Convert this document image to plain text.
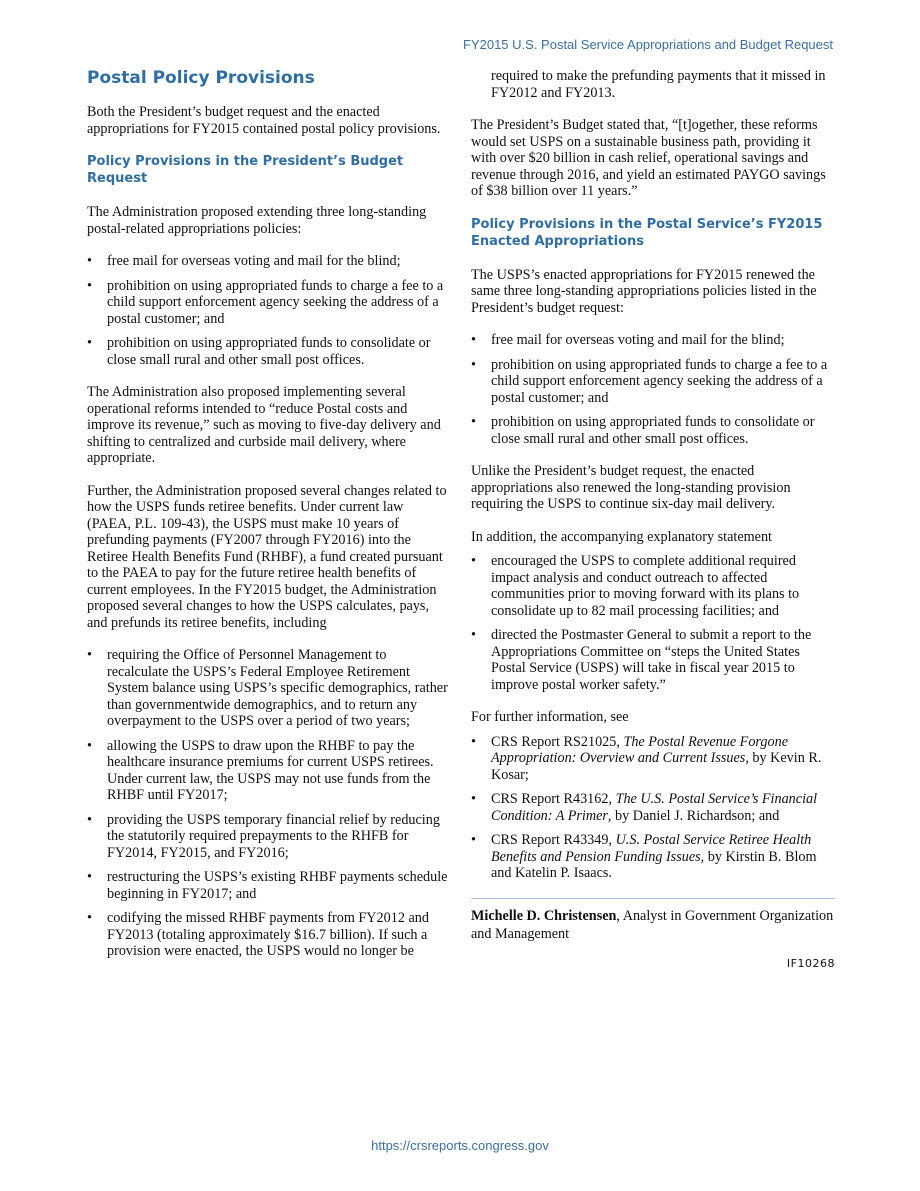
FY2015 U.S. Postal Service Appropriations and Budget Request
Postal Policy Provisions

Both the President’s budget request and the enacted appropriations for FY2015 contained postal policy provisions.

Policy Provisions in the President’s Budget Request

The Administration proposed extending three long-standing postal-related appropriations policies:

• free mail for overseas voting and mail for the blind;
• prohibition on using appropriated funds to charge a fee to a child support enforcement agency seeking the address of a postal customer; and
• prohibition on using appropriated funds to consolidate or close small rural and other small post offices.

The Administration also proposed implementing several operational reforms intended to “reduce Postal costs and improve its revenue,” such as moving to five-day delivery and shifting to centralized and curbside mail delivery, where appropriate.

Further, the Administration proposed several changes related to how the USPS funds retiree benefits. Under current law (PAEA, P.L. 109-43), the USPS must make 10 years of prefunding payments (FY2007 through FY2016) into the Retiree Health Benefits Fund (RHBF), a fund created pursuant to the PAEA to pay for the future retiree health benefits of current employees. In the FY2015 budget, the Administration proposed several changes to how the USPS calculates, pays, and prefunds its retiree benefits, including

• requiring the Office of Personnel Management to recalculate the USPS’s Federal Employee Retirement System balance using USPS’s specific demographics, rather than governmentwide demographics, and to return any overpayment to the USPS over a period of two years;
• allowing the USPS to draw upon the RHBF to pay the healthcare insurance premiums for current USPS retirees. Under current law, the USPS may not use funds from the RHBF until FY2017;
• providing the USPS temporary financial relief by reducing the statutorily required prepayments to the RHFB for FY2014, FY2015, and FY2016;
• restructuring the USPS’s existing RHBF payments schedule beginning in FY2017; and
• codifying the missed RHBF payments from FY2012 and FY2013 (totaling approximately $16.7 billion). If such a provision were enacted, the USPS would no longer be

required to make the prefunding payments that it missed in FY2012 and FY2013.

The President’s Budget stated that, “[t]ogether, these reforms would set USPS on a sustainable business path, providing it with over $20 billion in cash relief, operational savings and revenue through 2016, and yield an estimated PAYGO savings of $38 billion over 11 years.”

Policy Provisions in the Postal Service’s FY2015 Enacted Appropriations

The USPS’s enacted appropriations for FY2015 renewed the same three long-standing appropriations policies listed in the President’s budget request:

• free mail for overseas voting and mail for the blind;
• prohibition on using appropriated funds to charge a fee to a child support enforcement agency seeking the address of a postal customer; and
• prohibition on using appropriated funds to consolidate or close small rural and other small post offices.

Unlike the President’s budget request, the enacted appropriations also renewed the long-standing provision requiring the USPS to continue six-day mail delivery.

In addition, the accompanying explanatory statement

• encouraged the USPS to complete additional required impact analysis and conduct outreach to affected communities prior to moving forward with its plans to consolidate up to 82 mail processing facilities; and
• directed the Postmaster General to submit a report to the Appropriations Committee on “steps the United States Postal Service (USPS) will take in fiscal year 2015 to improve postal worker safety.”

For further information, see

• CRS Report RS21025, The Postal Revenue Forgone Appropriation: Overview and Current Issues, by Kevin R. Kosar;
• CRS Report R43162, The U.S. Postal Service’s Financial Condition: A Primer, by Daniel J. Richardson; and
• CRS Report R43349, U.S. Postal Service Retiree Health Benefits and Pension Funding Issues, by Kirstin B. Blom and Katelin P. Isaacs.
Michelle D. Christensen, Analyst in Government Organization and Management
IF10268
https://crsreports.congress.gov
